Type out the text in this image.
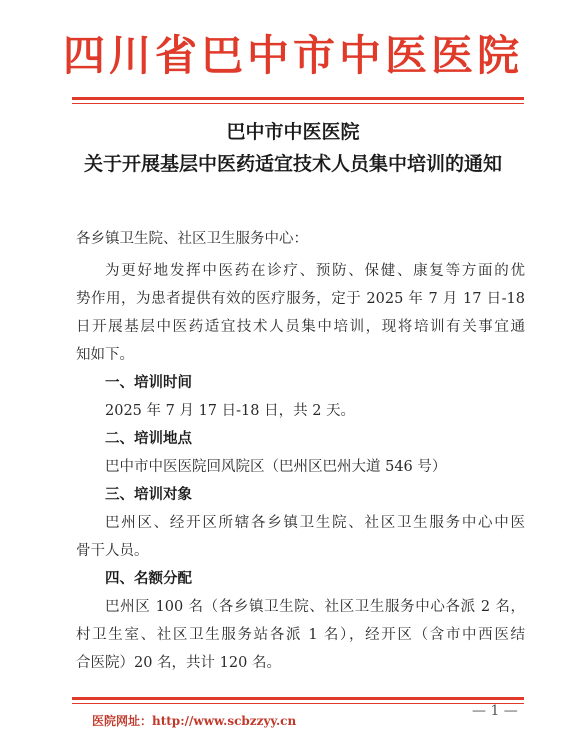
四川省巴中市中医医院
巴中市中医医院
关于开展基层中医药适宜技术人员集中培训的通知
各乡镇卫生院、社区卫生服务中心：
为更好地发挥中医药在诊疗、预防、保健、康复等方面的优
势作用，为患者提供有效的医疗服务，定于 2025 年 7 月 17 日-18
日开展基层中医药适宜技术人员集中培训，现将培训有关事宜通
知如下。
一、培训时间
2025 年 7 月 17 日-18 日，共 2 天。
二、培训地点
巴中市中医医院回风院区（巴州区巴州大道 546 号）
三、培训对象
巴州区、经开区所辖各乡镇卫生院、社区卫生服务中心中医
骨干人员。
四、名额分配
巴州区 100 名（各乡镇卫生院、社区卫生服务中心各派 2 名，
村卫生室、社区卫生服务站各派 1 名），经开区（含市中西医结
合医院）20 名，共计 120 名。
医院网址：http://www.scbzzyy.cn
— 1 —
